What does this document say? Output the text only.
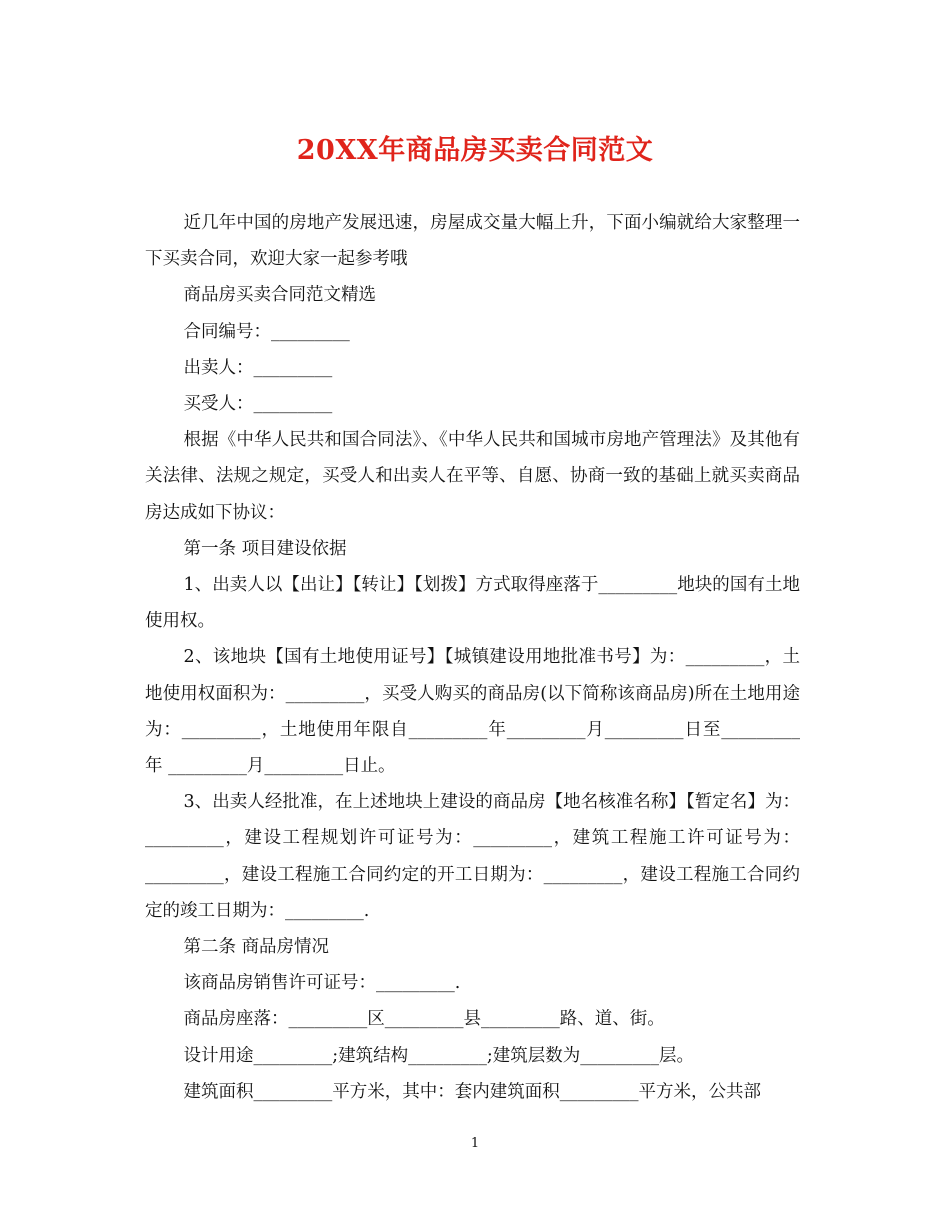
20XX年商品房买卖合同范文

近几年中国的房地产发展迅速，房屋成交量大幅上升，下面小编就给大家整理一下买卖合同，欢迎大家一起参考哦

商品房买卖合同范文精选

合同编号：_________

出卖人：_________

买受人：_________

根据《中华人民共和国合同法》、《中华人民共和国城市房地产管理法》及其他有关法律、法规之规定，买受人和出卖人在平等、自愿、协商一致的基础上就买卖商品房达成如下协议：

第一条 项目建设依据

1、出卖人以【出让】【转让】【划拨】方式取得座落于_________地块的国有土地使用权。

2、该地块【国有土地使用证号】【城镇建设用地批准书号】为：_________，土地使用权面积为：_________，买受人购买的商品房(以下简称该商品房)所在土地用途为：_________，土地使用年限自_________年_________月_________日至_________年 _________月_________日止。

3、出卖人经批准，在上述地块上建设的商品房【地名核准名称】【暂定名】为：_________，建设工程规划许可证号为：_________，建筑工程施工许可证号为：_________，建设工程施工合同约定的开工日期为：_________，建设工程施工合同约定的竣工日期为：_________.

第二条 商品房情况

该商品房销售许可证号：_________.

商品房座落：_________区_________县_________路、道、街。

设计用途_________;建筑结构_________;建筑层数为_________层。

建筑面积_________平方米，其中：套内建筑面积_________平方米，公共部

1
